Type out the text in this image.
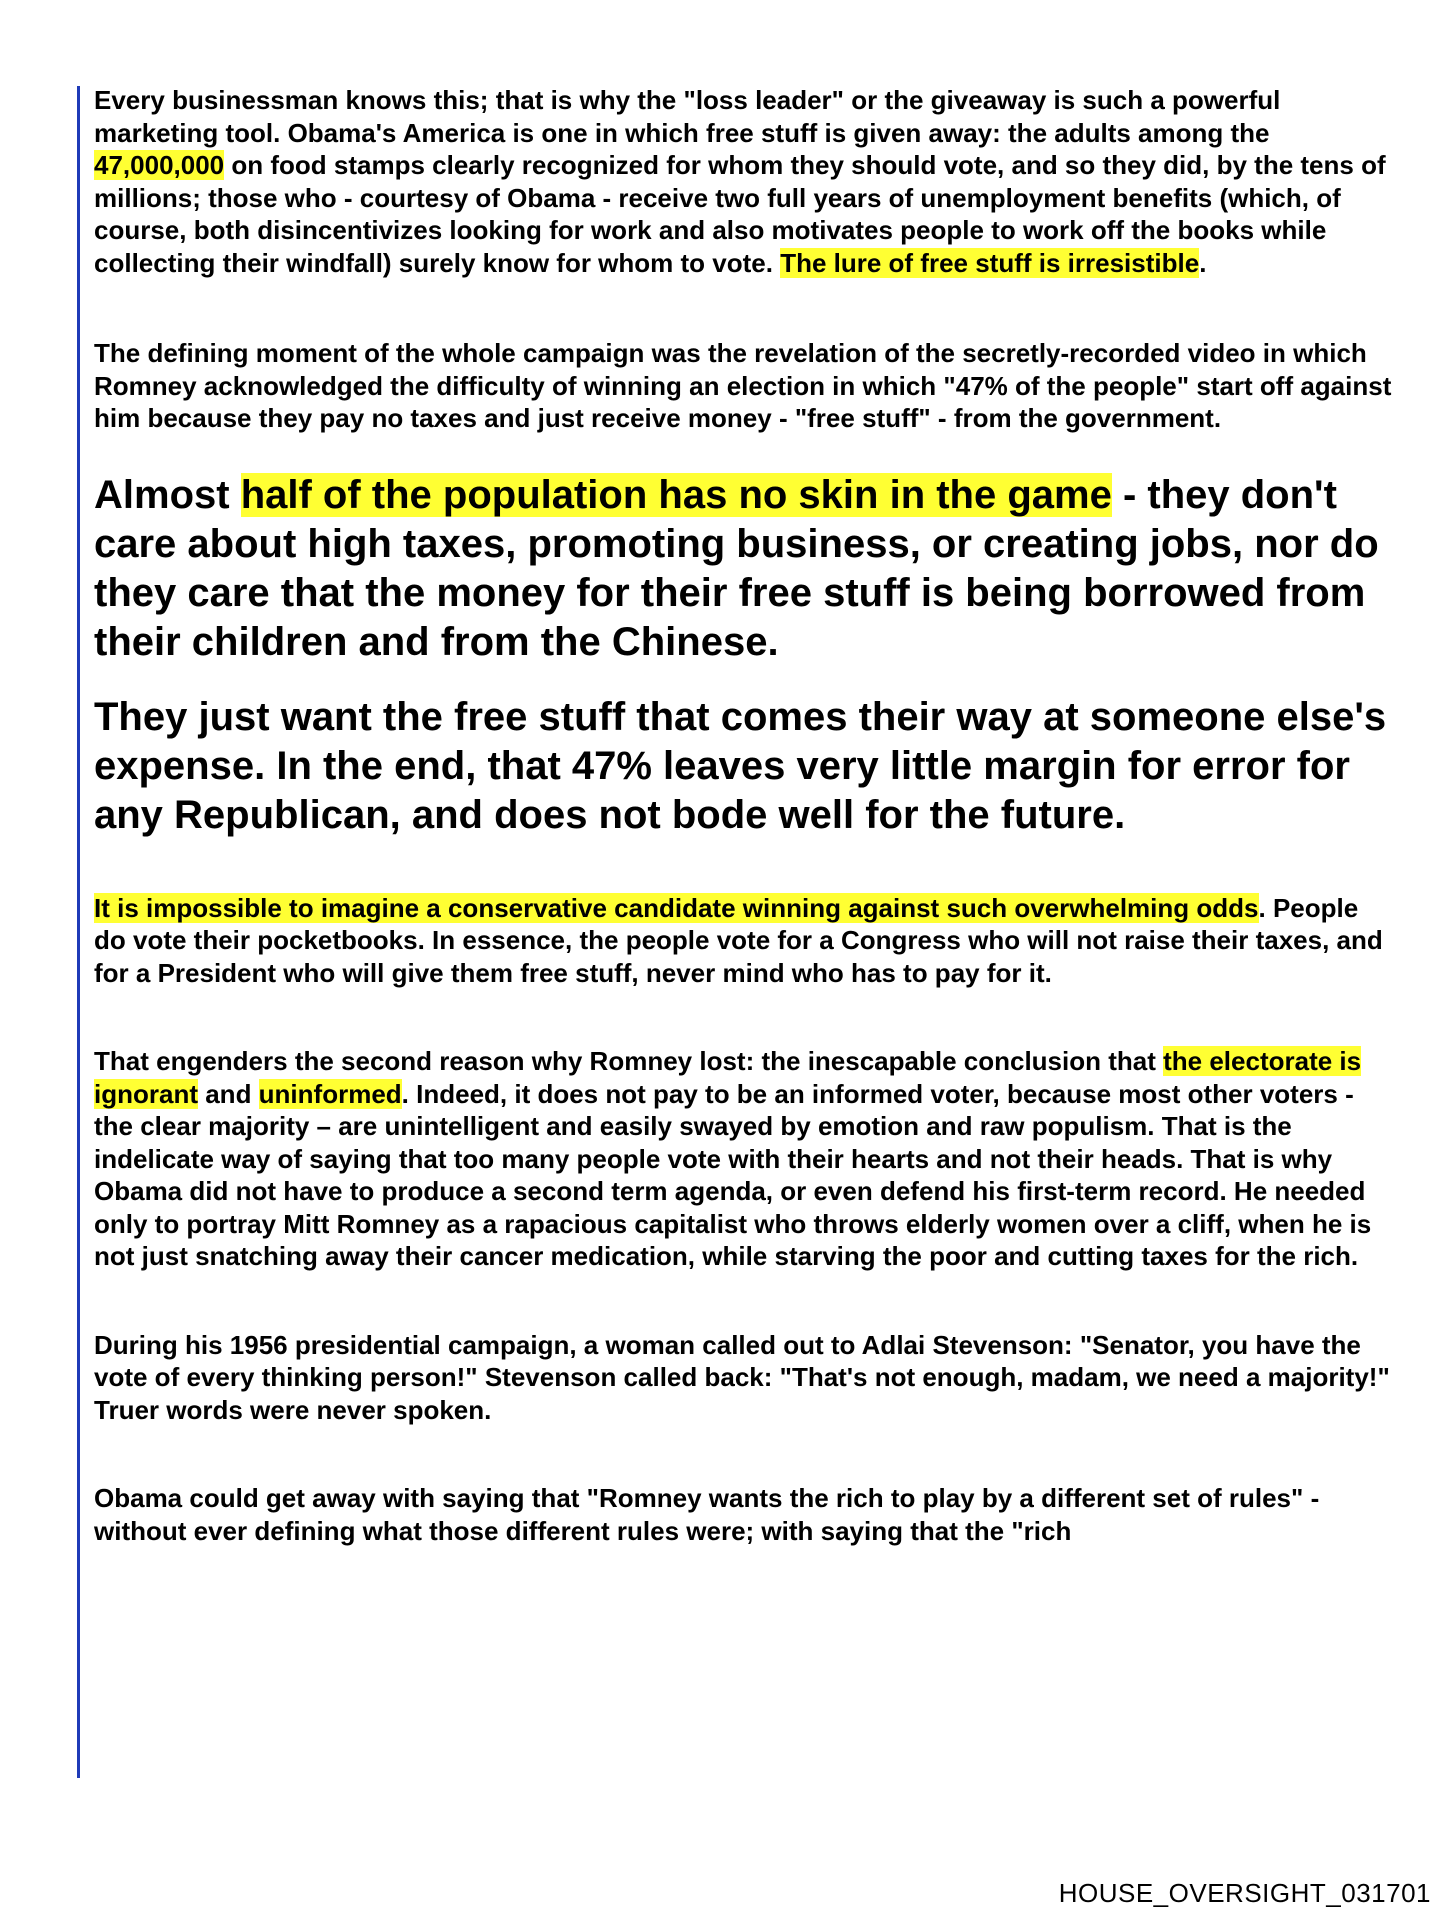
Every businessman knows this; that is why the "loss leader" or the giveaway is such a powerful marketing tool. Obama's America is one in which free stuff is given away: the adults among the 47,000,000 on food stamps clearly recognized for whom they should vote, and so they did, by the tens of millions; those who - courtesy of Obama - receive two full years of unemployment benefits (which, of course, both disincentivizes looking for work and also motivates people to work off the books while collecting their windfall) surely know for whom to vote. The lure of free stuff is irresistible.

The defining moment of the whole campaign was the revelation of the secretly-recorded video in which Romney acknowledged the difficulty of winning an election in which "47% of the people" start off against him because they pay no taxes and just receive money - "free stuff" - from the government.

Almost half of the population has no skin in the game - they don't care about high taxes, promoting business, or creating jobs, nor do they care that the money for their free stuff is being borrowed from their children and from the Chinese.

They just want the free stuff that comes their way at someone else's expense. In the end, that 47% leaves very little margin for error for any Republican, and does not bode well for the future.

It is impossible to imagine a conservative candidate winning against such overwhelming odds. People do vote their pocketbooks. In essence, the people vote for a Congress who will not raise their taxes, and for a President who will give them free stuff, never mind who has to pay for it.

That engenders the second reason why Romney lost: the inescapable conclusion that the electorate is ignorant and uninformed. Indeed, it does not pay to be an informed voter, because most other voters - the clear majority – are unintelligent and easily swayed by emotion and raw populism. That is the indelicate way of saying that too many people vote with their hearts and not their heads. That is why Obama did not have to produce a second term agenda, or even defend his first-term record. He needed only to portray Mitt Romney as a rapacious capitalist who throws elderly women over a cliff, when he is not just snatching away their cancer medication, while starving the poor and cutting taxes for the rich.

During his 1956 presidential campaign, a woman called out to Adlai Stevenson: "Senator, you have the vote of every thinking person!" Stevenson called back: "That's not enough, madam, we need a majority!"
Truer words were never spoken.

Obama could get away with saying that "Romney wants the rich to play by a different set of rules" - without ever defining what those different rules were; with saying that the "rich

HOUSE_OVERSIGHT_031701
